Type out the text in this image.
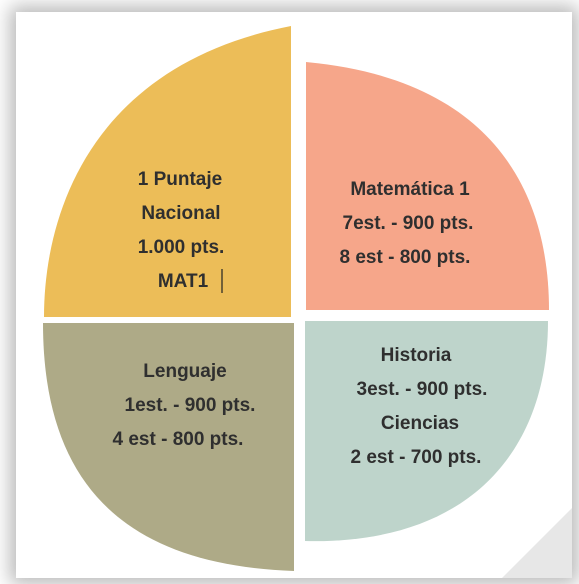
1 Puntaje
Nacional
1.000 pts.
MAT1
Matemática 1
7est. - 900 pts.
8 est - 800 pts.
Lenguaje
1est. - 900 pts.
4 est - 800 pts.
Historia
3est. - 900 pts.
Ciencias
2 est - 700 pts.
